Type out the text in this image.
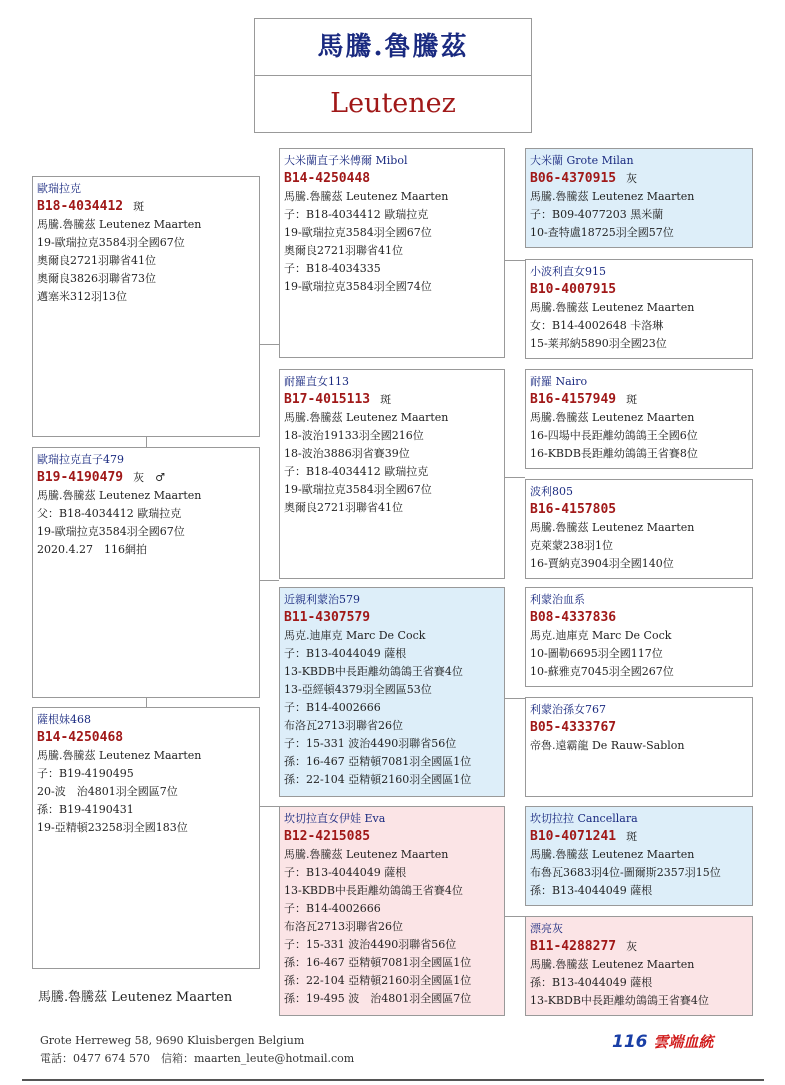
馬騰.魯騰茲
Leutenez
歐瑞拉克
B18-4034412 斑
馬騰.魯騰茲 Leutenez Maarten
19-歐瑞拉克3584羽全國67位
奧爾良2721羽聯省41位
奧爾良3826羽聯省73位
邁塞米312羽13位
歐瑞拉克直子479
B19-4190479 灰　♂
馬騰.魯騰茲 Leutenez Maarten
父：B18-4034412 歐瑞拉克
19-歐瑞拉克3584羽全國67位
2020.4.27　116網拍
薩根妹468
B14-4250468
馬騰.魯騰茲 Leutenez Maarten
子：B19-4190495
20-波　治4801羽全國區7位
孫：B19-4190431
19-亞精頓23258羽全國183位
大米蘭直子米傅爾 Mibol
B14-4250448
馬騰.魯騰茲 Leutenez Maarten
子：B18-4034412 歐瑞拉克
19-歐瑞拉克3584羽全國67位
奧爾良2721羽聯省41位
子：B18-4034335
19-歐瑞拉克3584羽全國74位
耐羅直女113
B17-4015113 斑
馬騰.魯騰茲 Leutenez Maarten
18-波治19133羽全國216位
18-波治3886羽省賽39位
子：B18-4034412 歐瑞拉克
19-歐瑞拉克3584羽全國67位
奧爾良2721羽聯省41位
近親利蒙治579
B11-4307579
馬克.迪庫克 Marc De Cock
子：B13-4044049 薩根
13-KBDB中長距離幼鴿鴿王省賽4位
13-亞經頓4379羽全國區53位
子：B14-4002666
布洛瓦2713羽聯省26位
子：15-331 波治4490羽聯省56位
孫：16-467 亞精頓7081羽全國區1位
孫：22-104 亞精頓2160羽全國區1位
坎切拉直女伊娃 Eva
B12-4215085
馬騰.魯騰茲 Leutenez Maarten
子：B13-4044049 薩根
13-KBDB中長距離幼鴿鴿王省賽4位
子：B14-4002666
布洛瓦2713羽聯省26位
子：15-331 波治4490羽聯省56位
孫：16-467 亞精頓7081羽全國區1位
孫：22-104 亞精頓2160羽全國區1位
孫：19-495 波　治4801羽全國區7位
大米蘭 Grote Milan
B06-4370915 灰
馬騰.魯騰茲 Leutenez Maarten
子：B09-4077203 黑米蘭
10-查特盧18725羽全國57位
小波利直女915
B10-4007915
馬騰.魯騰茲 Leutenez Maarten
女：B14-4002648 卡洛琳
15-莱邦納5890羽全國23位
耐羅 Nairo
B16-4157949 斑
馬騰.魯騰茲 Leutenez Maarten
16-四場中長距離幼鴿鴿王全國6位
16-KBDB長距離幼鴿鴿王省賽8位
波利805
B16-4157805
馬騰.魯騰茲 Leutenez Maarten
克萊蒙238羽1位
16-賈納克3904羽全國140位
利蒙治血系
B08-4337836
馬克.迪庫克 Marc De Cock
10-圖勒6695羽全國117位
10-蘇雅克7045羽全國267位
利蒙治孫女767
B05-4333767
帝魯.遠霸龍 De Rauw-Sablon
坎切拉拉 Cancellara
B10-4071241 斑
馬騰.魯騰茲 Leutenez Maarten
布魯瓦3683羽4位-圖爾斯2357羽15位
孫：B13-4044049 薩根
漂亮灰
B11-4288277 灰
馬騰.魯騰茲 Leutenez Maarten
孫：B13-4044049 薩根
13-KBDB中長距離幼鴿鴿王省賽4位
馬騰.魯騰茲 Leutenez Maarten
Grote Herreweg 58, 9690 Kluisbergen Belgium
電話：0477 674 570　信箱：maarten_leute@hotmail.com
116 雲端血統
